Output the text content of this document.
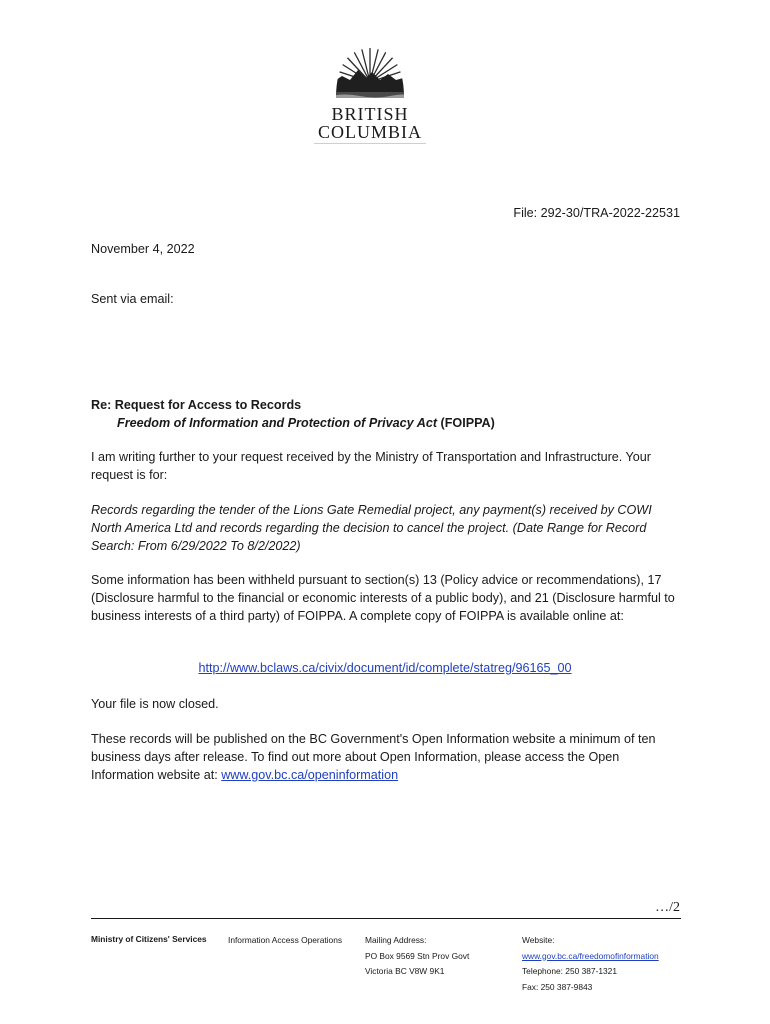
BRITISH
COLUMBIA
File: 292-30/TRA-2022-22531
November 4, 2022
Sent via email:
Re: Request for Access to Records
Freedom of Information and Protection of Privacy Act (FOIPPA)
I am writing further to your request received by the Ministry of Transportation and Infrastructure. Your request is for:
Records regarding the tender of the Lions Gate Remedial project, any payment(s) received by COWI North America Ltd and records regarding the decision to cancel the project. (Date Range for Record Search: From 6/29/2022 To 8/2/2022)
Some information has been withheld pursuant to section(s) 13 (Policy advice or recommendations), 17 (Disclosure harmful to the financial or economic interests of a public body), and 21 (Disclosure harmful to business interests of a third party) of FOIPPA. A complete copy of FOIPPA is available online at:
http://www.bclaws.ca/civix/document/id/complete/statreg/96165_00
Your file is now closed.
These records will be published on the BC Government's Open Information website a minimum of ten business days after release. To find out more about Open Information, please access the Open Information website at: www.gov.bc.ca/openinformation
…/2
Ministry of Citizens' Services	Information Access Operations	Mailing Address:
PO Box 9569 Stn Prov Govt
Victoria BC V8W 9K1
Website:
www.gov.bc.ca/freedomofinformation
Telephone: 250 387-1321
Fax: 250 387-9843
